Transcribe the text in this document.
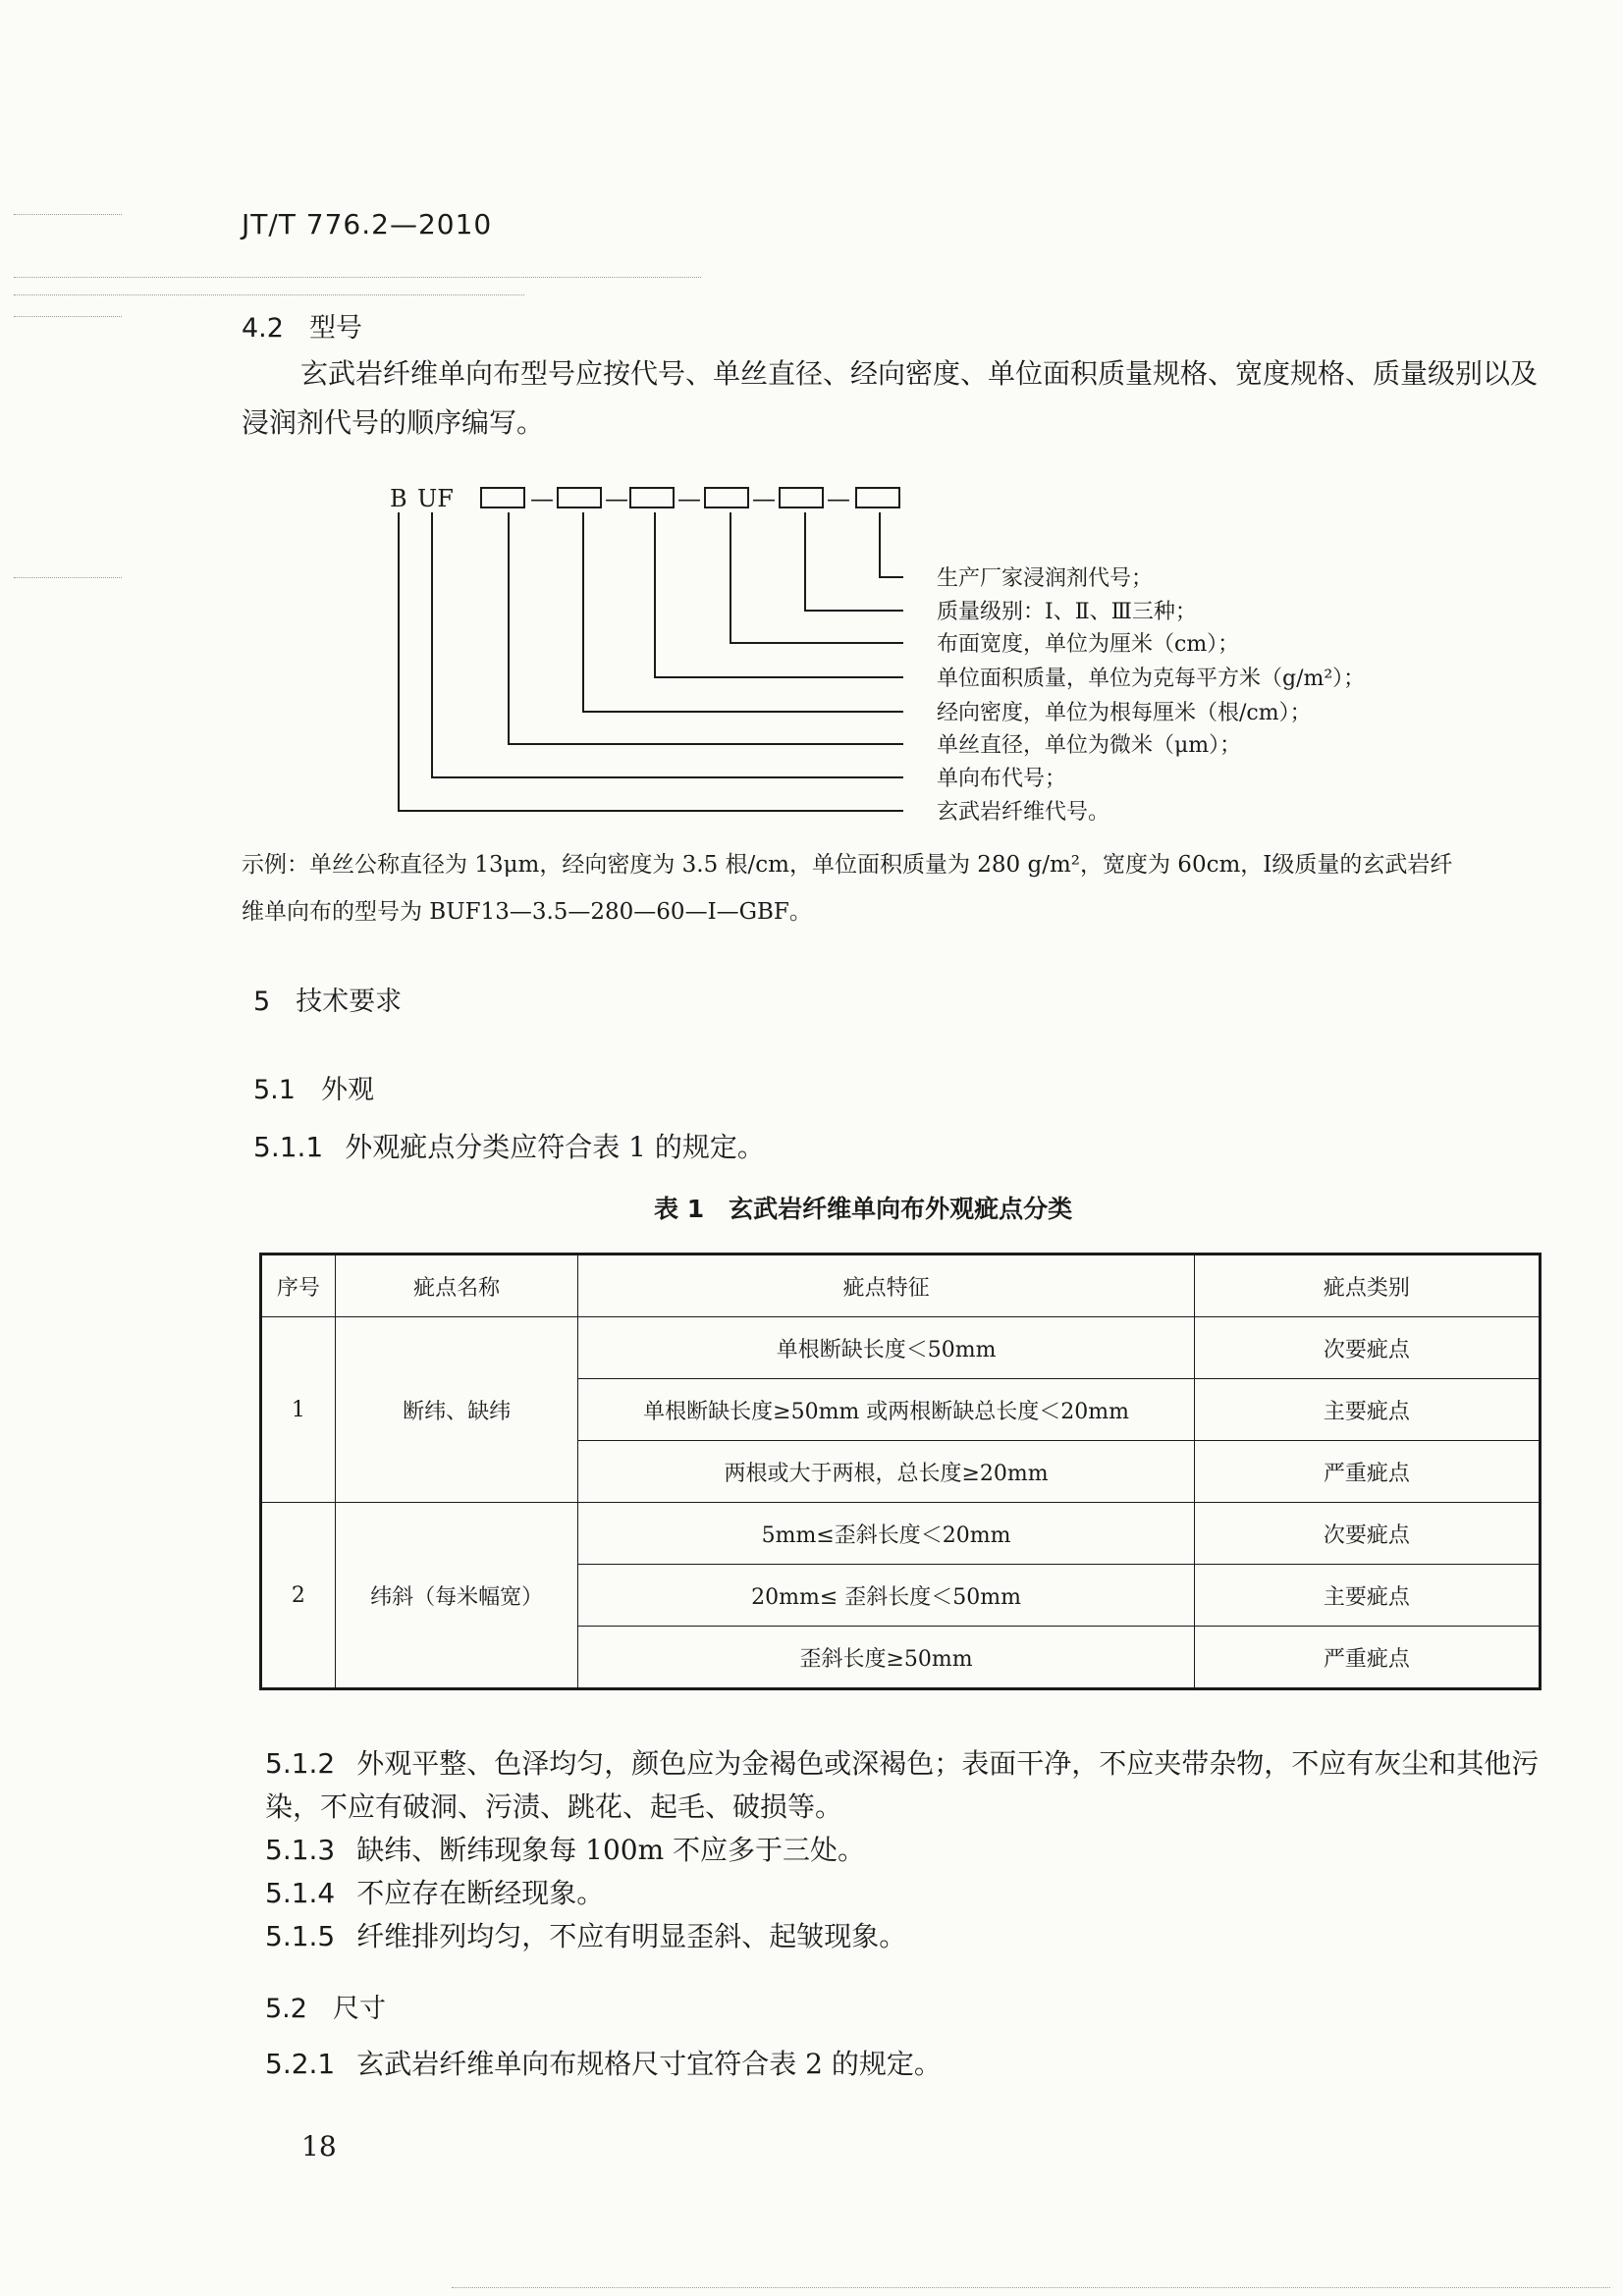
JT/T 776.2—2010
4.2 型号
玄武岩纤维单向布型号应按代号、单丝直径、经向密度、单位面积质量规格、宽度规格、质量级别以及
浸润剂代号的顺序编写。
B UF	— — — — —
生产厂家浸润剂代号；
质量级别：Ⅰ、Ⅱ、Ⅲ三种；
布面宽度，单位为厘米（cm）；
单位面积质量，单位为克每平方米（g/m²）；
经向密度，单位为根每厘米（根/cm）；
单丝直径，单位为微米（μm）；
单向布代号；
玄武岩纤维代号。
示例：单丝公称直径为 13μm，经向密度为 3.5 根/cm，单位面积质量为 280 g/m²，宽度为 60cm，Ⅰ级质量的玄武岩纤
维单向布的型号为 BUF13—3.5—280—60—Ⅰ—GBF。
5 技术要求
5.1 外观
5.1.1 外观疵点分类应符合表 1 的规定。
表 1　玄武岩纤维单向布外观疵点分类
序号	疵点名称	疵点特征	疵点类别
1	断纬、缺纬	单根断缺长度＜50mm	次要疵点
		单根断缺长度≥50mm 或两根断缺总长度＜20mm	主要疵点
		两根或大于两根，总长度≥20mm	严重疵点
2	纬斜（每米幅宽）	5mm≤歪斜长度＜20mm	次要疵点
		20mm≤ 歪斜长度＜50mm	主要疵点
		歪斜长度≥50mm	严重疵点
5.1.2 外观平整、色泽均匀，颜色应为金褐色或深褐色；表面干净，不应夹带杂物，不应有灰尘和其他污
染，不应有破洞、污渍、跳花、起毛、破损等。
5.1.3 缺纬、断纬现象每 100m 不应多于三处。
5.1.4 不应存在断经现象。
5.1.5 纤维排列均匀，不应有明显歪斜、起皱现象。
5.2 尺寸
5.2.1 玄武岩纤维单向布规格尺寸宜符合表 2 的规定。
18
